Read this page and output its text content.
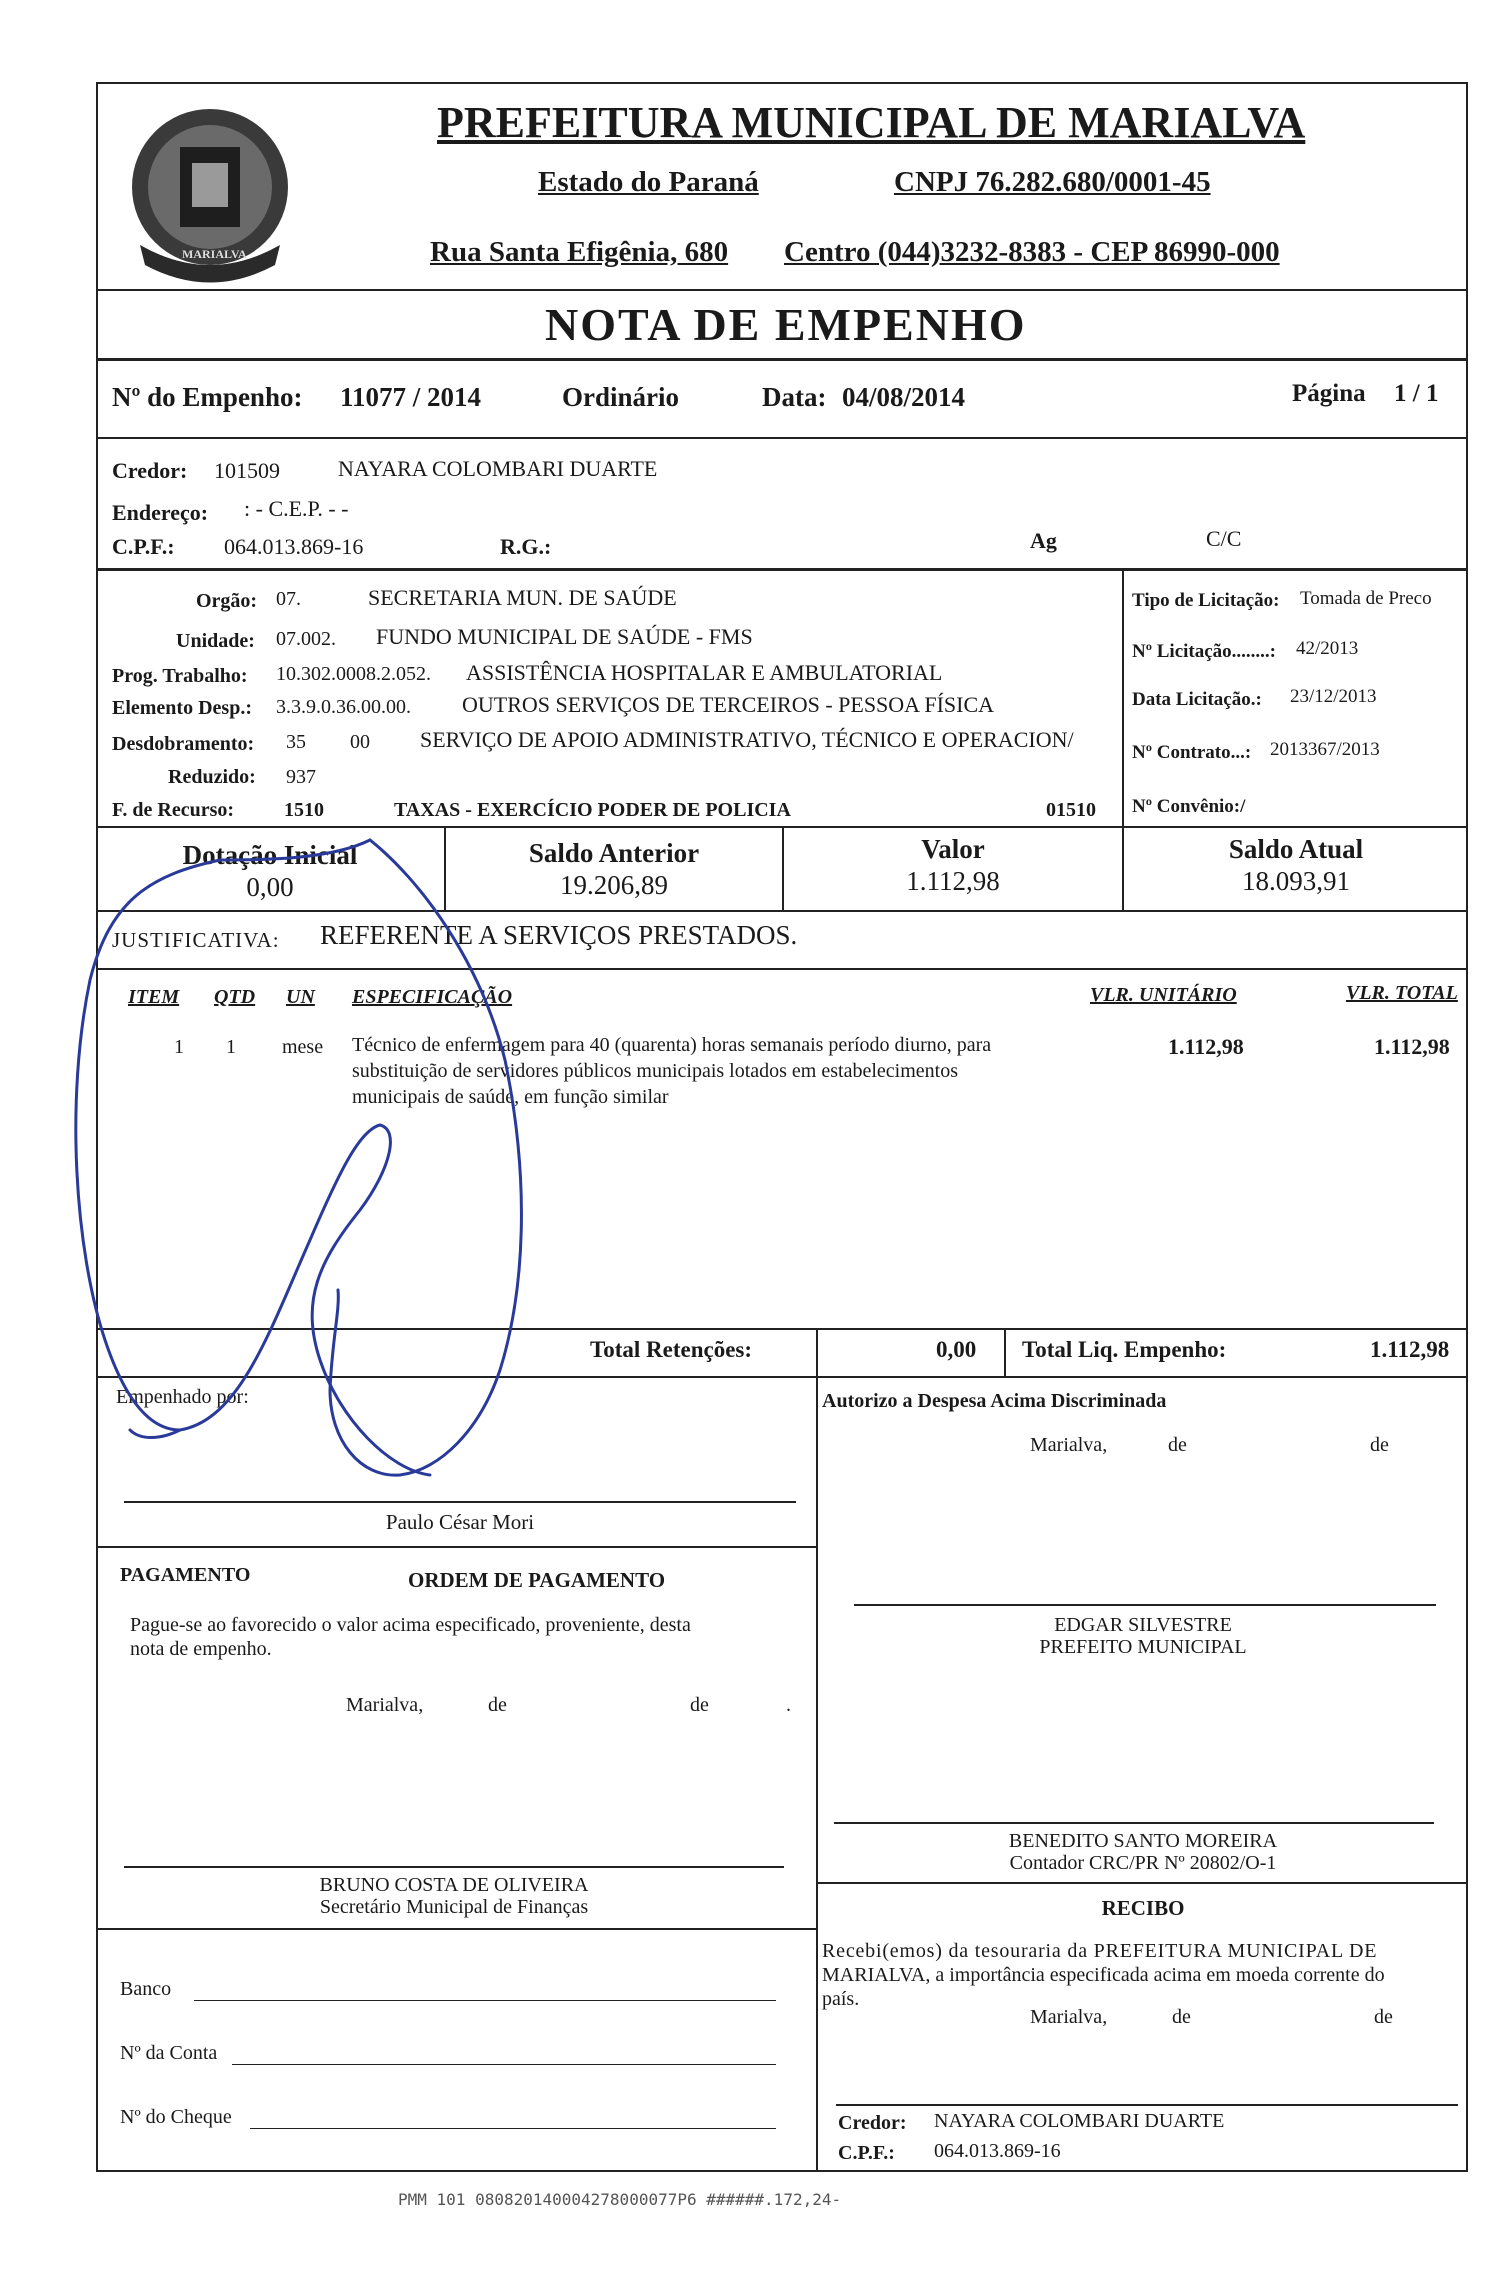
MARIALVA
PREFEITURA MUNICIPAL DE MARIALVA
Estado do Paraná	CNPJ 76.282.680/0001-45
Rua Santa Efigênia, 680 Centro (044)3232-8383 - CEP 86990-000
NOTA DE EMPENHO
Nº do Empenho: 11077 / 2014	Ordinário	Data: 04/08/2014	Página 1 / 1
Credor: 101509	NAYARA COLOMBARI DUARTE
Endereço: : - C.E.P. - -
C.P.F.: 064.013.869-16	R.G.:	Ag	C/C
Orgão: 07.	SECRETARIA MUN. DE SAÚDE
Unidade: 07.002. FUNDO MUNICIPAL DE SAÚDE - FMS
Prog. Trabalho: 10.302.0008.2.052. ASSISTÊNCIA HOSPITALAR E AMBULATORIAL
Elemento Desp.: 3.3.9.0.36.00.00. OUTROS SERVIÇOS DE TERCEIROS - PESSOA FÍSICA
Desdobramento: 35 00 SERVIÇO DE APOIO ADMINISTRATIVO, TÉCNICO E OPERACION/
Reduzido: 937
F. de Recurso: 1510	TAXAS - EXERCÍCIO PODER DE POLICIA	01510
Tipo de Licitação: Tomada de Preco
Nº Licitação........: 42/2013
Data Licitação.: 23/12/2013
Nº Contrato...: 2013367/2013
Nº Convênio:/
Dotação Inicial
0,00
Saldo Anterior
19.206,89
Valor
1.112,98
Saldo Atual
18.093,91
JUSTIFICATIVA: REFERENTE A SERVIÇOS PRESTADOS.
ITEM QTD UN ESPECIFICAÇÃO	VLR. UNITÁRIO	VLR. TOTAL
1 1 mese Técnico de enfermagem para 40 (quarenta) horas semanais período diurno, para
substituição de servidores públicos municipais lotados em estabelecimentos
municipais de saúde, em função similar
1.112,98	1.112,98
Total Retenções:	0,00 Total Liq. Empenho:	1.112,98
Empenhado por:
Paulo César Mori
Autorizo a Despesa Acima Discriminada
Marialva,	de	de
EDGAR SILVESTRE
PREFEITO MUNICIPAL
PAGAMENTO	ORDEM DE PAGAMENTO
Pague-se ao favorecido o valor acima especificado, proveniente, desta
nota de empenho.
Marialva,	de	de	.
BRUNO COSTA DE OLIVEIRA
Secretário Municipal de Finanças
BENEDITO SANTO MOREIRA
Contador CRC/PR Nº 20802/O-1
RECIBO
Recebi(emos) da tesouraria da PREFEITURA MUNICIPAL DE
MARIALVA, a importância especificada acima em moeda corrente do
país.
Marialva,	de	de
Credor: NAYARA COLOMBARI DUARTE
C.P.F.: 064.013.869-16
Banco
Nº da Conta
Nº do Cheque
PMM 101 080820140004278000077P6 ######.172,24-
